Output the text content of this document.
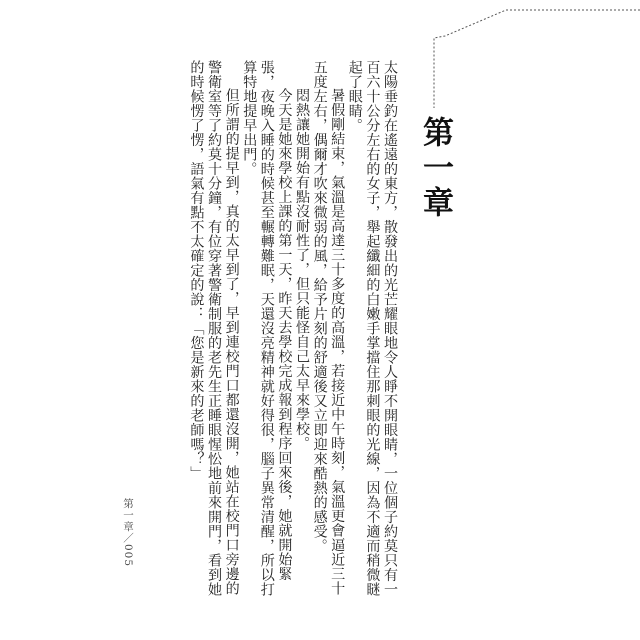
第一章

太陽垂釣在遙遠的東方，散發出的光芒耀眼地令人睜不開眼睛，一位個子約莫只有一百六十公分左右的女子，舉起纖細的白嫩手掌擋住那刺眼的光線，因為不適而稍微瞇起了眼睛。

暑假剛結束，氣溫是高達三十多度的高溫，若接近中午時刻，氣溫更會逼近三十五度左右，偶爾才吹來微弱的風，給予片刻的舒適後又立即迎來酷熱的感受。

悶熱讓她開始有點沒耐性了，但只能怪自己太早來學校。

今天是她來學校上課的第一天，昨天去學校完成報到程序回來後，她就開始緊張，夜晚入睡的時候甚至輾轉難眠，天還沒亮精神就好得很，腦子異常清醒，所以打算特地提早出門。

但所謂的提早到，真的太早到了，早到連校門口都還沒開，她站在校門口旁邊的警衛室等了約莫十分鐘，有位穿著警衛制服的老先生正睡眼惺忪地前來開門，看到她的時候愣了愣，語氣有點不太確定的說：「您是新來的老師嗎？」

第一章／005
